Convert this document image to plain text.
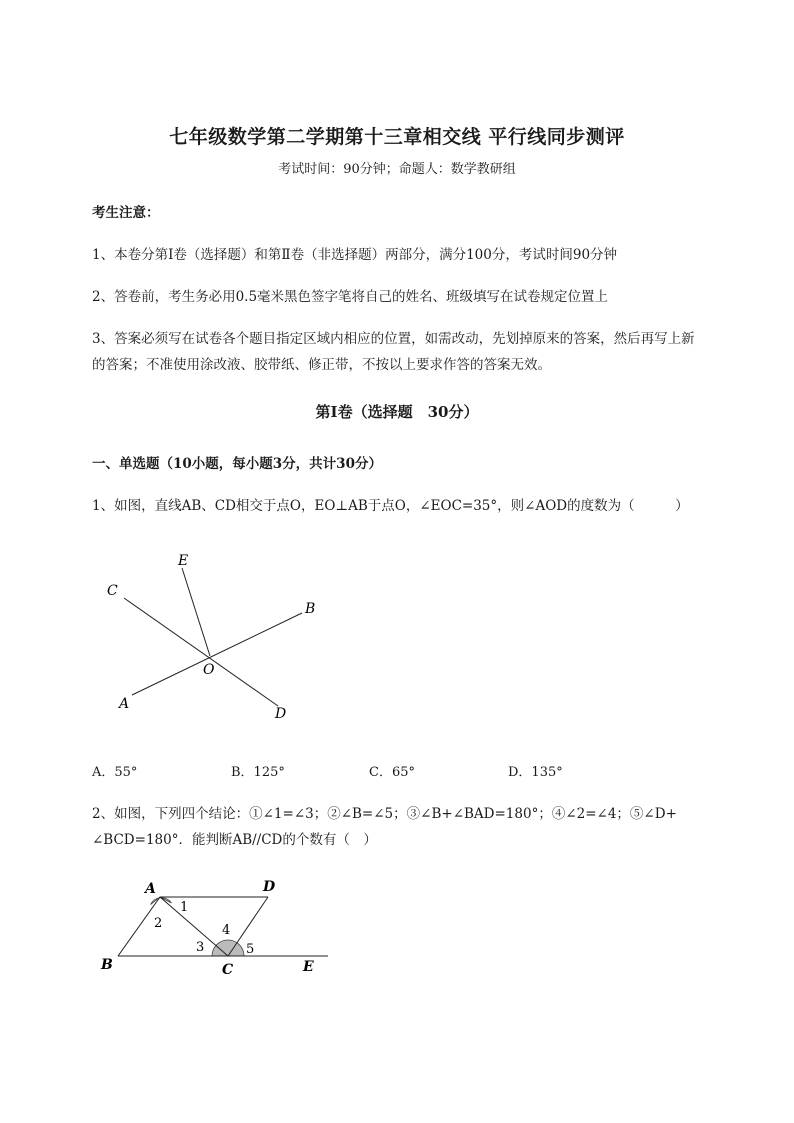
七年级数学第二学期第十三章相交线 平行线同步测评
考试时间：90分钟；命题人：数学教研组
考生注意：
1、本卷分第I卷（选择题）和第Ⅱ卷（非选择题）两部分，满分100分，考试时间90分钟
2、答卷前，考生务必用0.5毫米黑色签字笔将自己的姓名、班级填写在试卷规定位置上
3、答案必须写在试卷各个题目指定区域内相应的位置，如需改动，先划掉原来的答案，然后再写上新
的答案；不准使用涂改液、胶带纸、修正带，不按以上要求作答的答案无效。
第I卷（选择题　30分）
一、单选题（10小题，每小题3分，共计30分）
1、如图，直线AB、CD相交于点O，EO⊥AB于点O，∠EOC=35°，则∠AOD的度数为（　　　）
E
C
B
O
A
D
A．55°	B．125°	C．65°	D．135°
2、如图，下列四个结论：①∠1=∠3；②∠B=∠5；③∠B+∠BAD=180°；④∠2=∠4；⑤∠D+
∠BCD=180°．能判断AB//CD的个数有（　）
A	D
B	C	E
1
2
3
4
5
